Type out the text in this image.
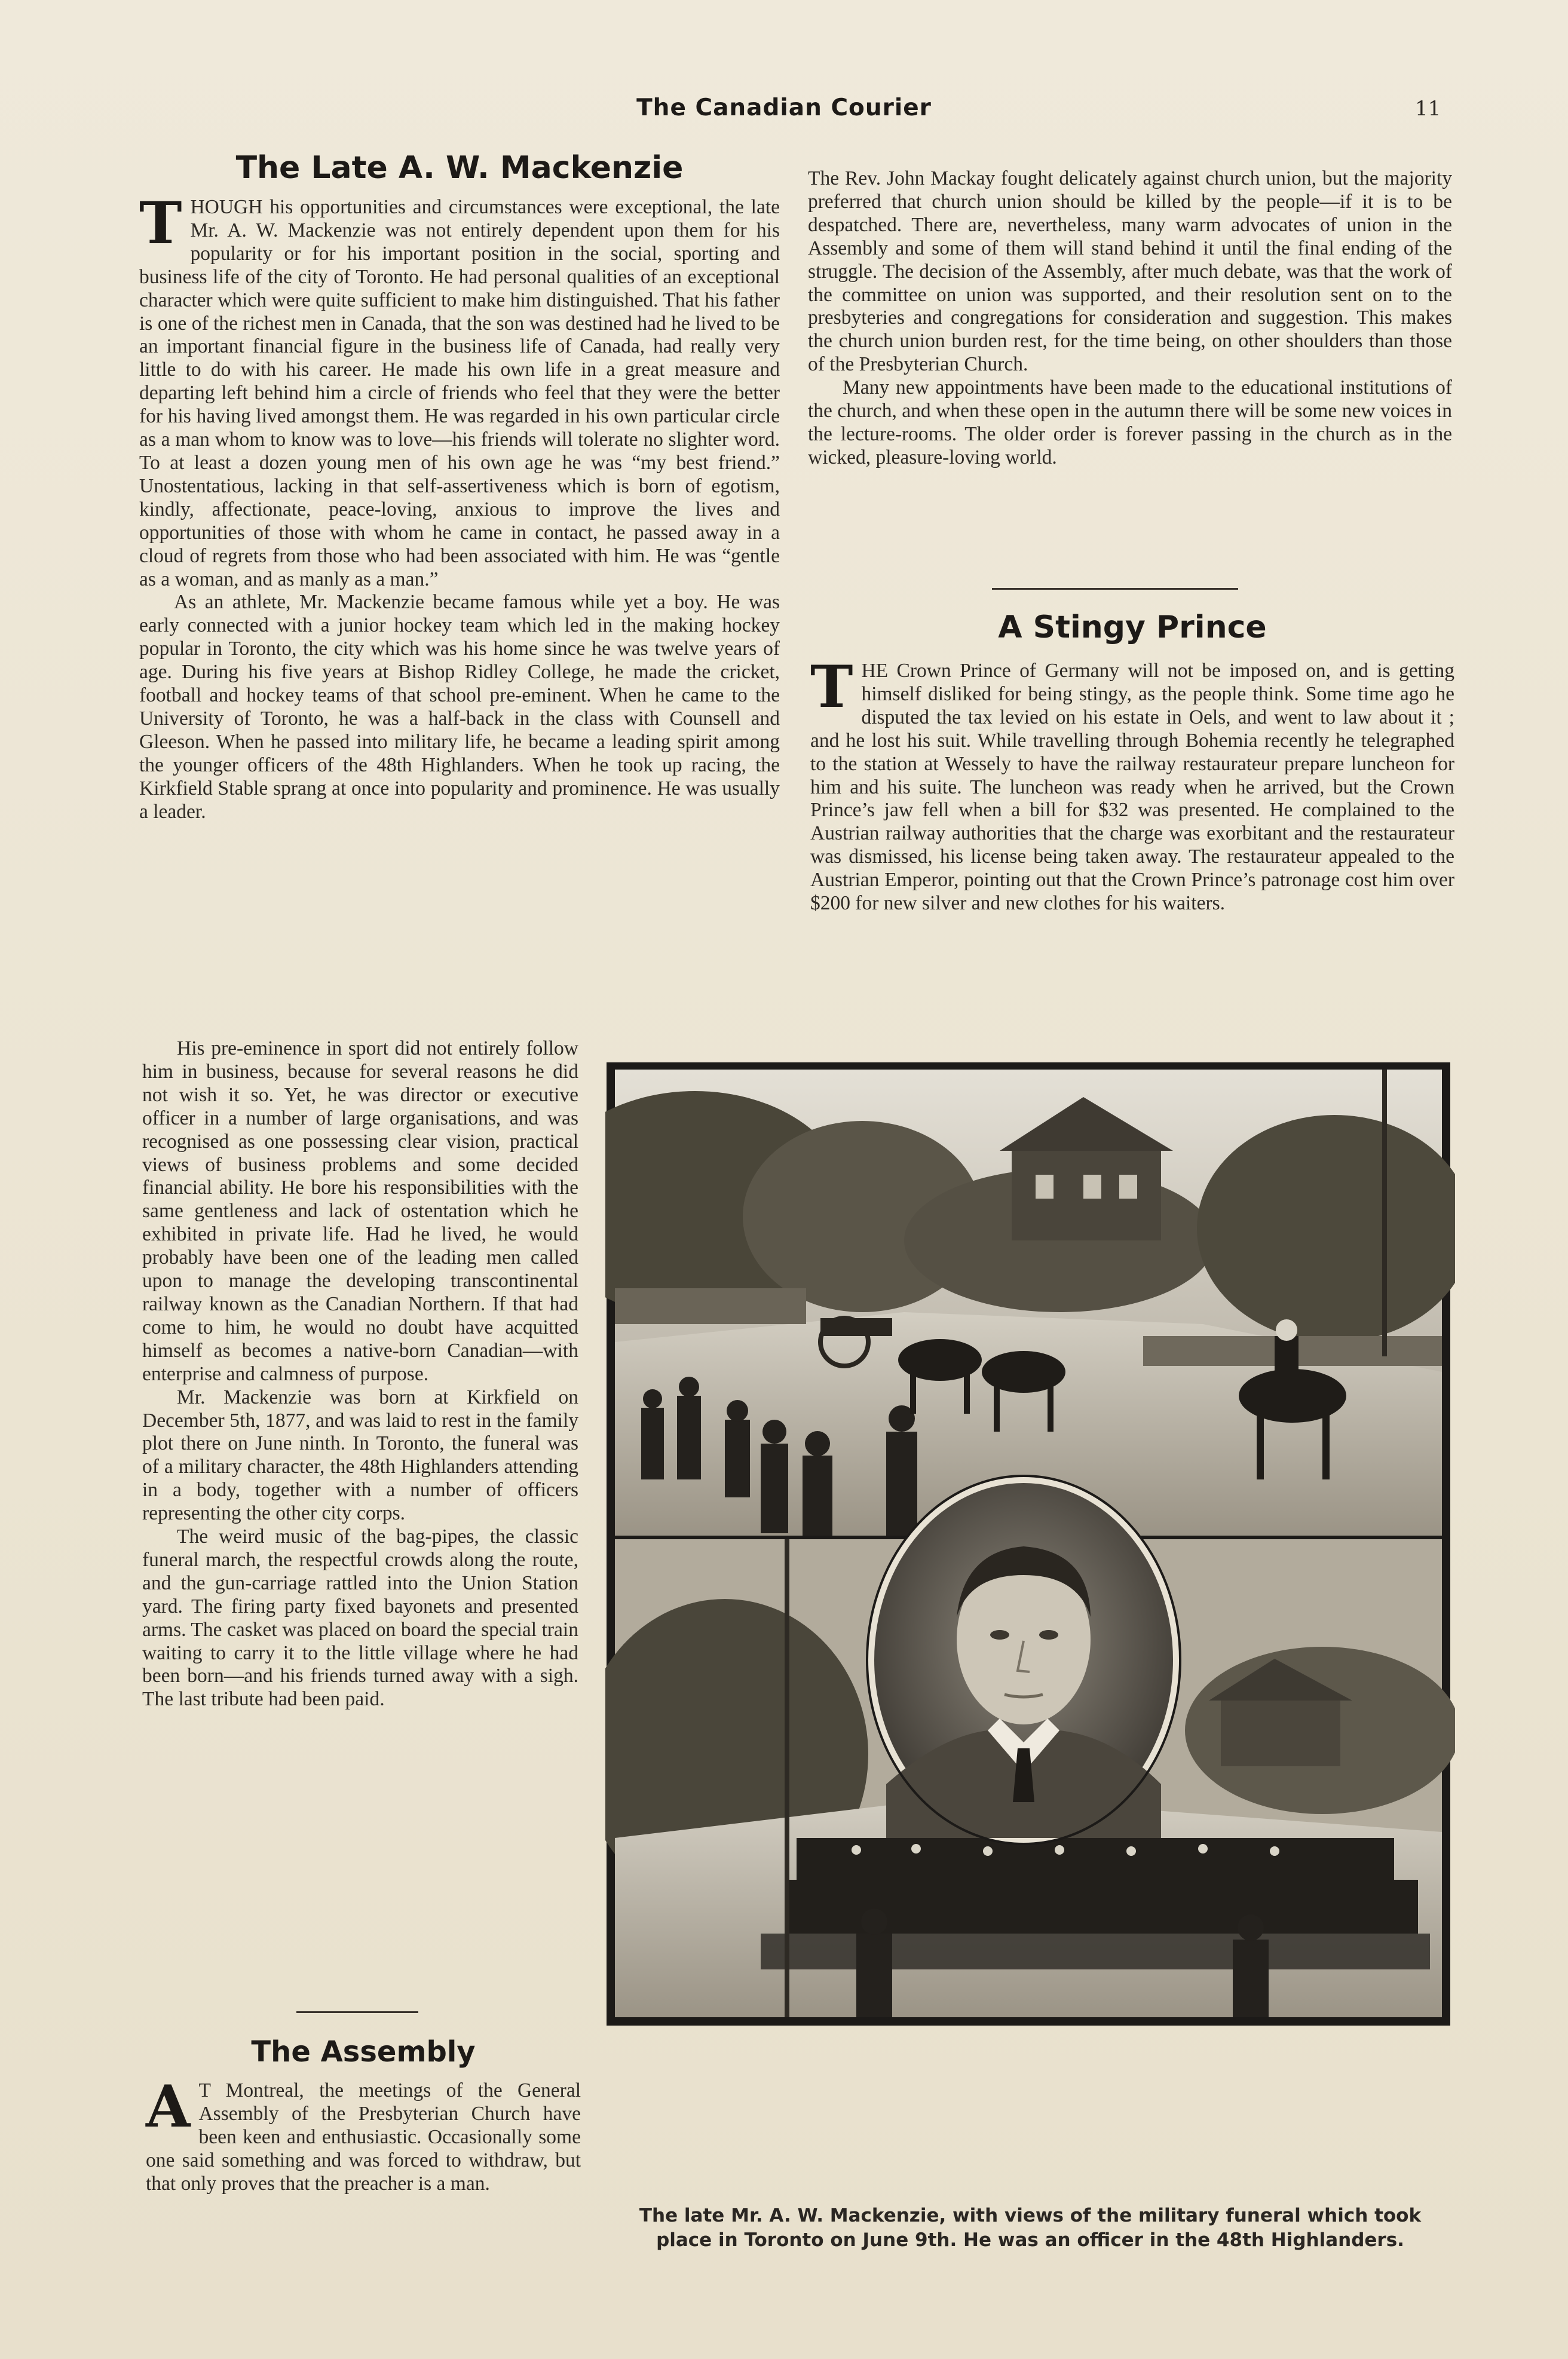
The Canadian Courier	11
The Late A. W. Mackenzie

THOUGH his opportunities and circumstances were exceptional, the late Mr. A. W. Mackenzie was not entirely dependent upon them for his popularity or for his important position in the social, sporting and business life of the city of Toronto. He had personal qualities of an exceptional character which were quite sufficient to make him distinguished. That his father is one of the richest men in Canada, that the son was destined had he lived to be an important financial figure in the business life of Canada, had really very little to do with his career. He made his own life in a great measure and departing left behind him a circle of friends who feel that they were the better for his having lived amongst them. He was regarded in his own particular circle as a man whom to know was to love—his friends will tolerate no slighter word. To at least a dozen young men of his own age he was “my best friend.” Unostentatious, lacking in that self-assertiveness which is born of egotism, kindly, affectionate, peace-loving, anxious to improve the lives and opportunities of those with whom he came in contact, he passed away in a cloud of regrets from those who had been associated with him. He was “gentle as a woman, and as manly as a man.”

As an athlete, Mr. Mackenzie became famous while yet a boy. He was early connected with a junior hockey team which led in the making hockey popular in Toronto, the city which was his home since he was twelve years of age. During his five years at Bishop Ridley College, he made the cricket, football and hockey teams of that school pre-eminent. When he came to the University of Toronto, he was a half-back in the class with Counsell and Gleeson. When he passed into military life, he became a leading spirit among the younger officers of the 48th Highlanders. When he took up racing, the Kirkfield Stable sprang at once into popularity and prominence. He was usually a leader.

His pre-eminence in sport did not entirely follow him in business, because for several reasons he did not wish it so. Yet, he was director or executive officer in a number of large organisations, and was recognised as one possessing clear vision, practical views of business problems and some decided financial ability. He bore his responsibilities with the same gentleness and lack of ostentation which he exhibited in private life. Had he lived, he would probably have been one of the leading men called upon to manage the developing transcontinental railway known as the Canadian Northern. If that had come to him, he would no doubt have acquitted himself as becomes a native-born Canadian—with enterprise and calmness of purpose.

Mr. Mackenzie was born at Kirkfield on December 5th, 1877, and was laid to rest in the family plot there on June ninth. In Toronto, the funeral was of a military character, the 48th Highlanders attending in a body, together with a number of officers representing the other city corps.

The weird music of the bag-pipes, the classic funeral march, the respectful crowds along the route, and the gun-carriage rattled into the Union Station yard. The firing party fixed bayonets and presented arms. The casket was placed on board the special train waiting to carry it to the little village where he had been born—and his friends turned away with a sigh. The last tribute had been paid.

The Assembly

A T Montreal, the meetings of the General Assembly of the Presbyterian Church have been keen and enthusiastic. Occasionally some one said something and was forced to withdraw, but that only proves that the preacher is a man.

The Rev. John Mackay fought delicately against church union, but the majority preferred that church union should be killed by the people—if it is to be despatched. There are, nevertheless, many warm advocates of union in the Assembly and some of them will stand behind it until the final ending of the struggle. The decision of the Assembly, after much debate, was that the work of the committee on union was supported, and their resolution sent on to the presbyteries and congregations for consideration and suggestion. This makes the church union burden rest, for the time being, on other shoulders than those of the Presbyterian Church.

Many new appointments have been made to the educational institutions of the church, and when these open in the autumn there will be some new voices in the lecture-rooms. The older order is forever passing in the church as in the wicked, pleasure-loving world.

A Stingy Prince

THE Crown Prince of Germany will not be imposed on, and is getting himself disliked for being stingy, as the people think. Some time ago he disputed the tax levied on his estate in Oels, and went to law about it ; and he lost his suit. While travelling through Bohemia recently he telegraphed to the station at Wessely to have the railway restaurateur prepare luncheon for him and his suite. The luncheon was ready when he arrived, but the Crown Prince’s jaw fell when a bill for $32 was presented. He complained to the Austrian railway authorities that the charge was exorbitant and the restaurateur was dismissed, his license being taken away. The restaurateur appealed to the Austrian Emperor, pointing out that the Crown Prince’s patronage cost him over $200 for new silver and new clothes for his waiters.

The late Mr. A. W. Mackenzie, with views of the military funeral which took
place in Toronto on June 9th. He was an officer in the 48th Highlanders.
